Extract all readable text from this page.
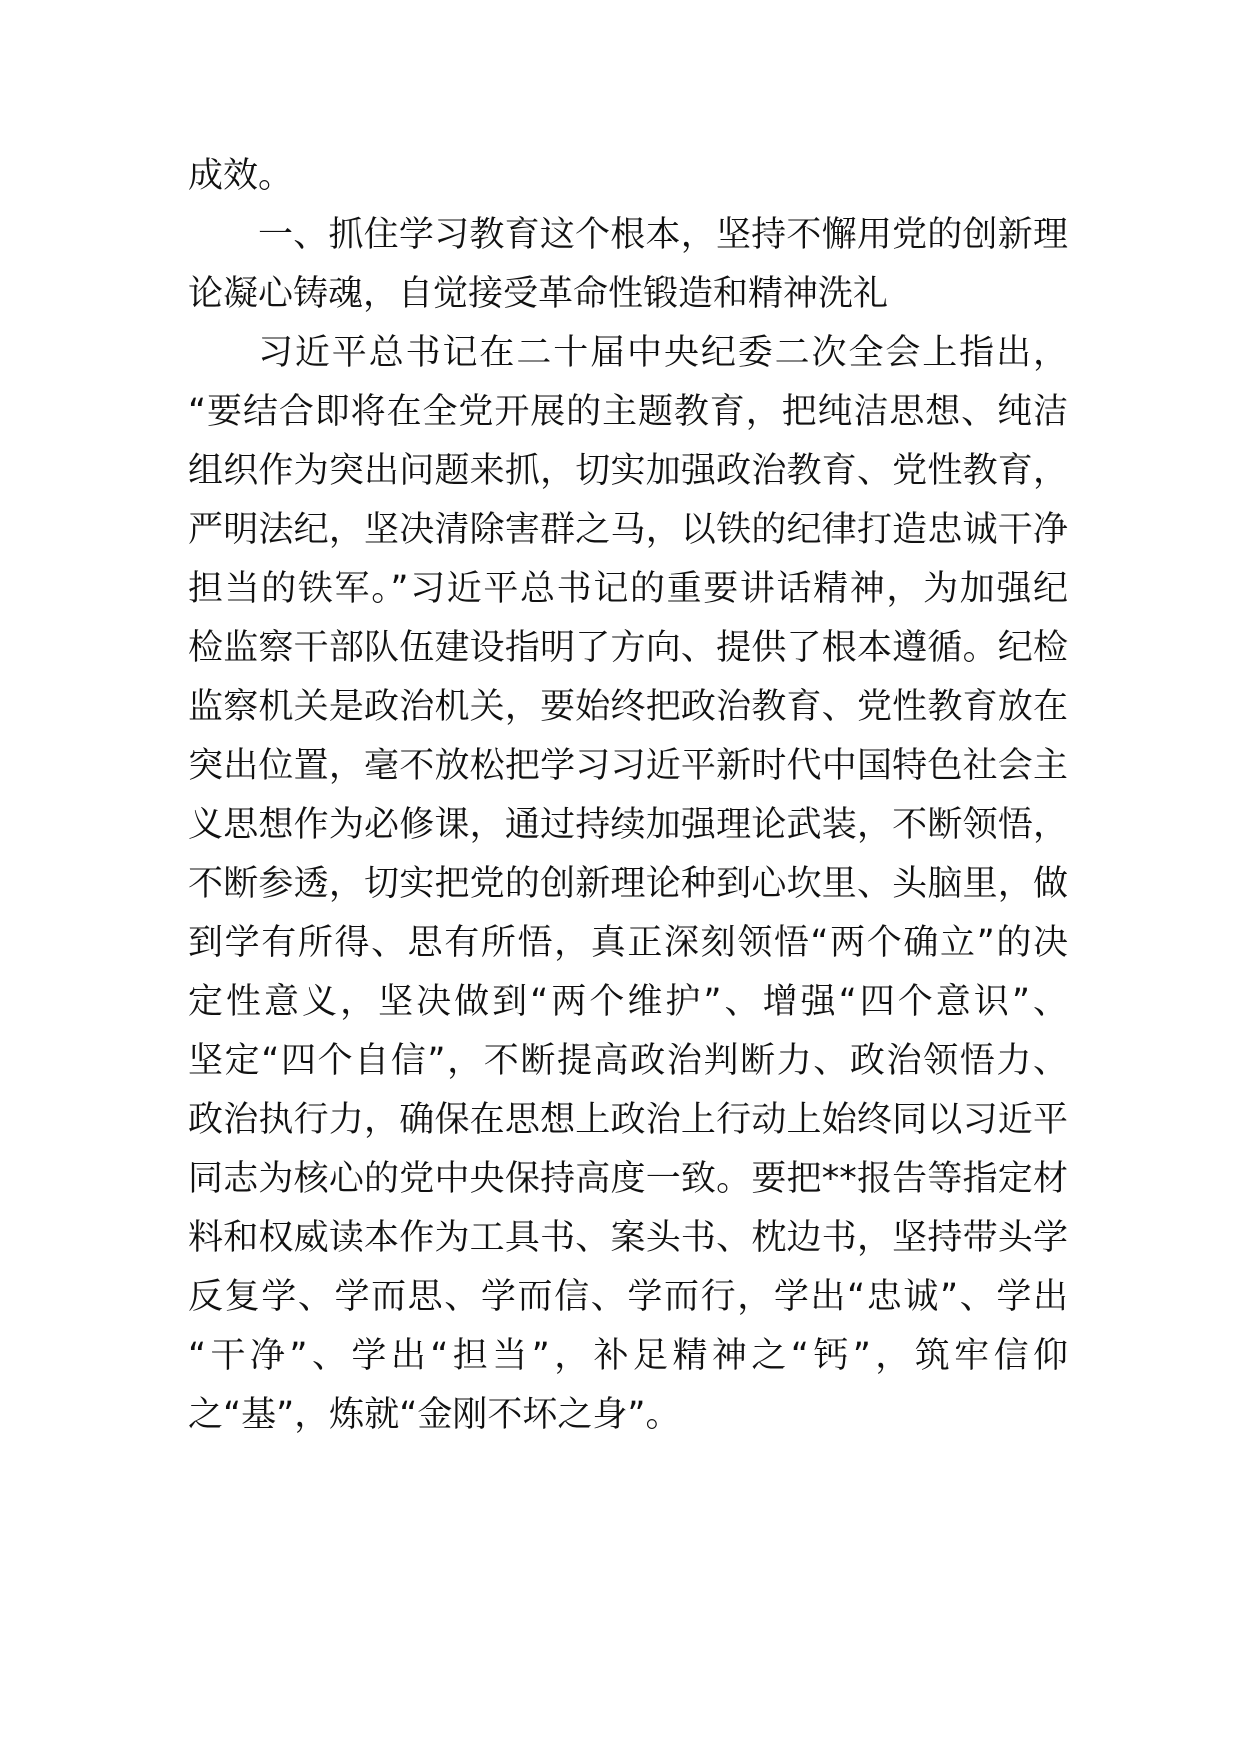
成效。
一、抓住学习教育这个根本，坚持不懈用党的创新理
论凝心铸魂，自觉接受革命性锻造和精神洗礼
习近平总书记在二十届中央纪委二次全会上指出，
“要结合即将在全党开展的主题教育，把纯洁思想、纯洁
组织作为突出问题来抓，切实加强政治教育、党性教育，
严明法纪，坚决清除害群之马，以铁的纪律打造忠诚干净
担当的铁军。”习近平总书记的重要讲话精神，为加强纪
检监察干部队伍建设指明了方向、提供了根本遵循。纪检
监察机关是政治机关，要始终把政治教育、党性教育放在
突出位置，毫不放松把学习习近平新时代中国特色社会主
义思想作为必修课，通过持续加强理论武装，不断领悟，
不断参透，切实把党的创新理论种到心坎里、头脑里，做
到学有所得、思有所悟，真正深刻领悟“两个确立”的决
定性意义，坚决做到“两个维护”、增强“四个意识”、
坚定“四个自信”，不断提高政治判断力、政治领悟力、
政治执行力，确保在思想上政治上行动上始终同以习近平
同志为核心的党中央保持高度一致。要把**报告等指定材
料和权威读本作为工具书、案头书、枕边书，坚持带头学
反复学、学而思、学而信、学而行，学出“忠诚”、学出
“干净”、学出“担当”，补足精神之“钙”，筑牢信仰
之“基”，炼就“金刚不坏之身”。
